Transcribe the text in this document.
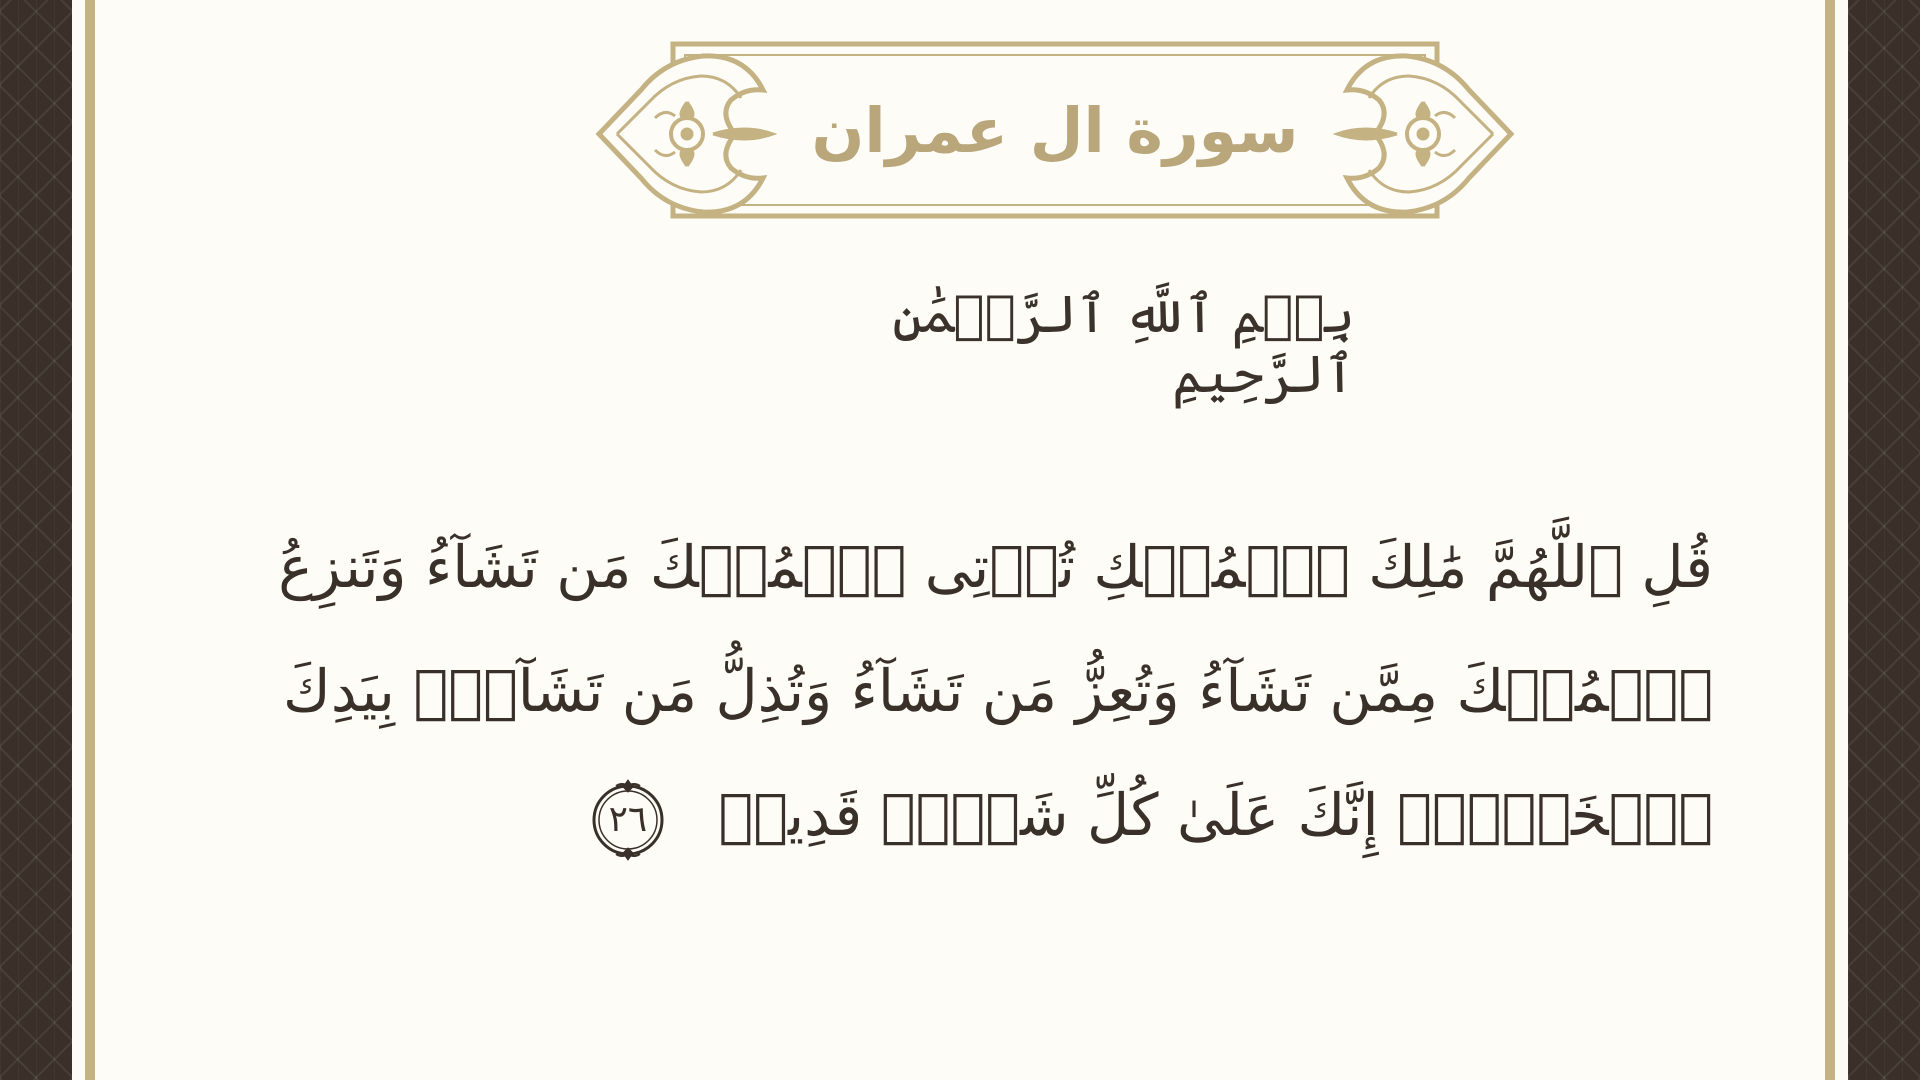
سورة ال عمران
بِسۡمِ ٱللَّهِ ٱلرَّحۡمَٰنِ ٱلرَّحِيمِ
قُلِ ٱللَّهُمَّ مَٰلِكَ ٱلۡمُلۡكِ تُؤۡتِى ٱلۡمُلۡكَ مَن تَشَآءُ وَتَنزِعُ ٱلۡمُلۡكَ مِمَّن تَشَآءُ وَتُعِزُّ مَن تَشَآءُ وَتُذِلُّ مَن تَشَآءُۖ بِيَدِكَ ٱلۡخَيۡرُۖ إِنَّكَ عَلَىٰ كُلِّ شَىۡءٖ قَدِيرٞ
٢٦
